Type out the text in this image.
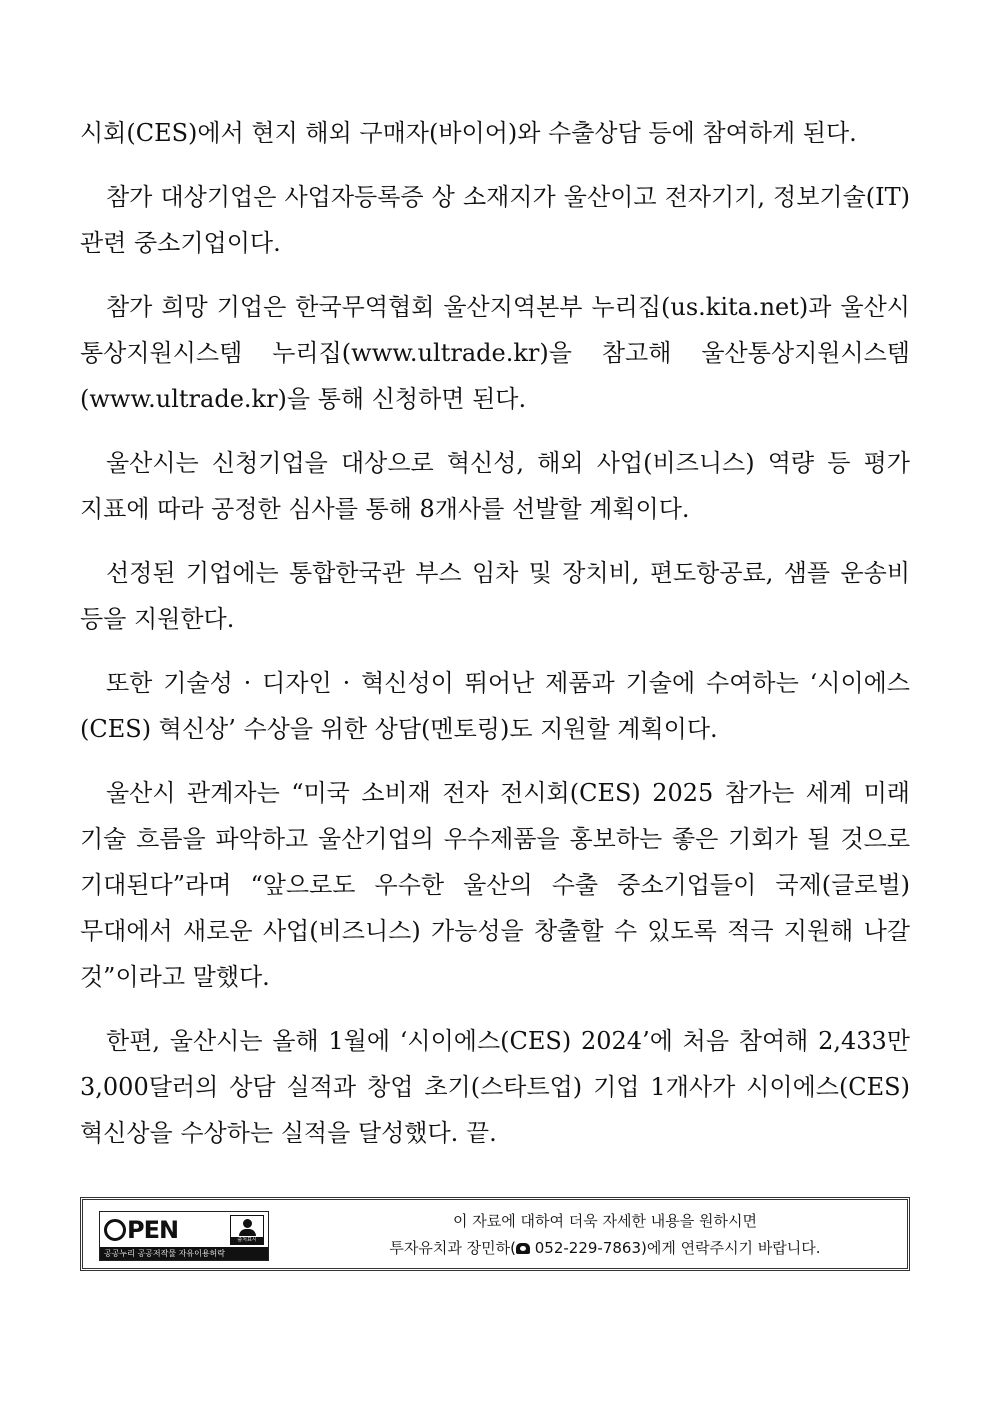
시회(CES)에서 현지 해외 구매자(바이어)와 수출상담 등에 참여하게 된다.

참가 대상기업은 사업자등록증 상 소재지가 울산이고 전자기기, 정보기술(IT) 관련 중소기업이다.

참가 희망 기업은 한국무역협회 울산지역본부 누리집(us.kita.net)과 울산시 통상지원시스템 누리집(www.ultrade.kr)을 참고해 울산통상지원시스템(www.ultrade.kr)을 통해 신청하면 된다.

울산시는 신청기업을 대상으로 혁신성, 해외 사업(비즈니스) 역량 등 평가 지표에 따라 공정한 심사를 통해 8개사를 선발할 계획이다.

선정된 기업에는 통합한국관 부스 임차 및 장치비, 편도항공료, 샘플 운송비 등을 지원한다.

또한 기술성 · 디자인 · 혁신성이 뛰어난 제품과 기술에 수여하는 ‘시이에스(CES) 혁신상’ 수상을 위한 상담(멘토링)도 지원할 계획이다.

울산시 관계자는 “미국 소비재 전자 전시회(CES) 2025 참가는 세계 미래 기술 흐름을 파악하고 울산기업의 우수제품을 홍보하는 좋은 기회가 될 것으로 기대된다”라며 “앞으로도 우수한 울산의 수출 중소기업들이 국제(글로벌) 무대에서 새로운 사업(비즈니스) 가능성을 창출할 수 있도록 적극 지원해 나갈 것”이라고 말했다.

한편, 울산시는 올해 1월에 ‘시이에스(CES) 2024’에 처음 참여해 2,433만 3,000달러의 상담 실적과 창업 초기(스타트업) 기업 1개사가 시이에스(CES) 혁신상을 수상하는 실적을 달성했다. 끝.

PEN	출처표시
공공누리 공공저작물 자유이용허락
이 자료에 대하여 더욱 자세한 내용을 원하시면
투자유치과 장민하( 052-229-7863)에게 연락주시기 바랍니다.
